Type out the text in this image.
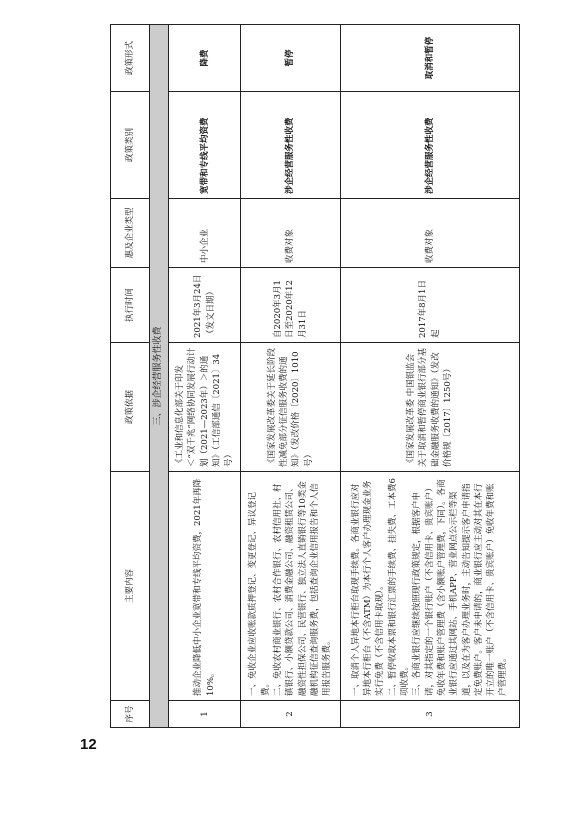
12
序号	主要内容	政策依据	执行时间	惠及企业类型	政策类别	政策形式
三、涉企经营服务性收费						
1	推动企业降低中小企业宽带和专线平均资费，2021年再降10%。	《工业和信息化部关于印发＜“双千兆”网络协同发展行动计划（2021—2023年）＞的通知》（工信部通信〔2021〕34号）	2021年3月24日（发文日期）	中小企业	宽带和专线平均资费	降费
2	一、免收企业应收账款质押登记、变更登记、异议登记费。 二、免收农村商业银行、农村合作银行、农村信用社、村镇银行、小额贷款公司、消费金融公司、融资租赁公司、融资性担保公司、民营银行、独立法人直销银行等10类金融机构征信查询服务费，包括查询企业信用报告和个人信用报告服务费。	《国家发展改革委关于延长阶段性减免部分征信服务收费的通知》（发改价格〔2020〕1010号）	自2020年3月1日至2020年12月31日	收费对象	涉企经营服务性收费	暂停
3	一、取消个人异地本行柜台取现手续费。各商业银行应对异地本行柜台（不含ATM）为本行个人客户办理现金业务实行免费（不含信用卡取现）。 二、暂停收取本票和银行汇票的手续费、挂失费、工本费6项收费。 三、各商业银行应继续按照现行政策规定，根据客户申请，对其指定的一个银行账户（不含信用卡、贵宾账户）免收年费和账户管理费（含小额账户管理费，下同）。各商业银行应通过其网站、手机APP、营业网点公示栏等渠道，以及在为客户办理业务时，主动告知提示客户申请指定免费账户。客户未申请的，商业银行应主动对其在本行开立的唯一账户（不含信用卡、贵宾账户）免收年费和账户管理费。	《国家发展改革委 中国银监会关于取消和暂停商业银行部分基础金融服务收费的通知》（发改价格规〔2017〕1250号）	2017年8月1日起	收费对象	涉企经营服务性收费	取消和暂停
